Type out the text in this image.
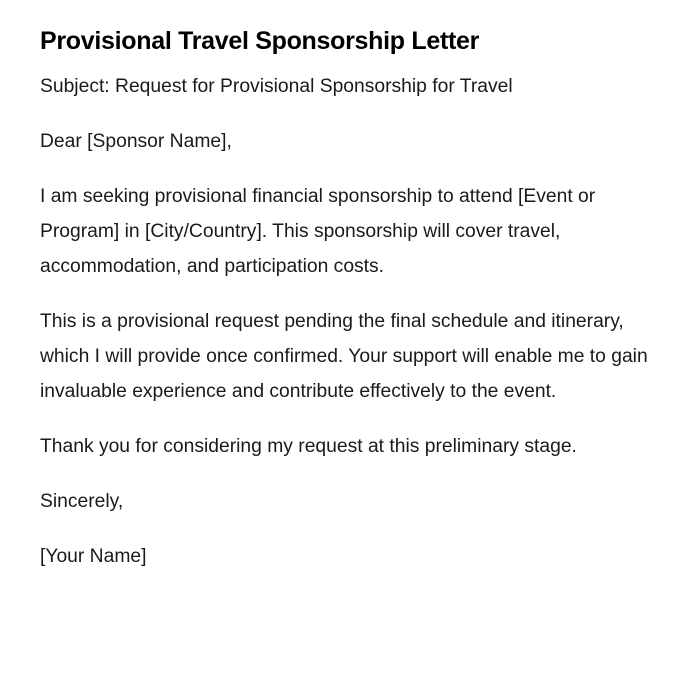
Provisional Travel Sponsorship Letter

Subject: Request for Provisional Sponsorship for Travel

Dear [Sponsor Name],

I am seeking provisional financial sponsorship to attend [Event or Program] in [City/Country]. This sponsorship will cover travel, accommodation, and participation costs.

This is a provisional request pending the final schedule and itinerary, which I will provide once confirmed. Your support will enable me to gain invaluable experience and contribute effectively to the event.

Thank you for considering my request at this preliminary stage.

Sincerely,

[Your Name]
